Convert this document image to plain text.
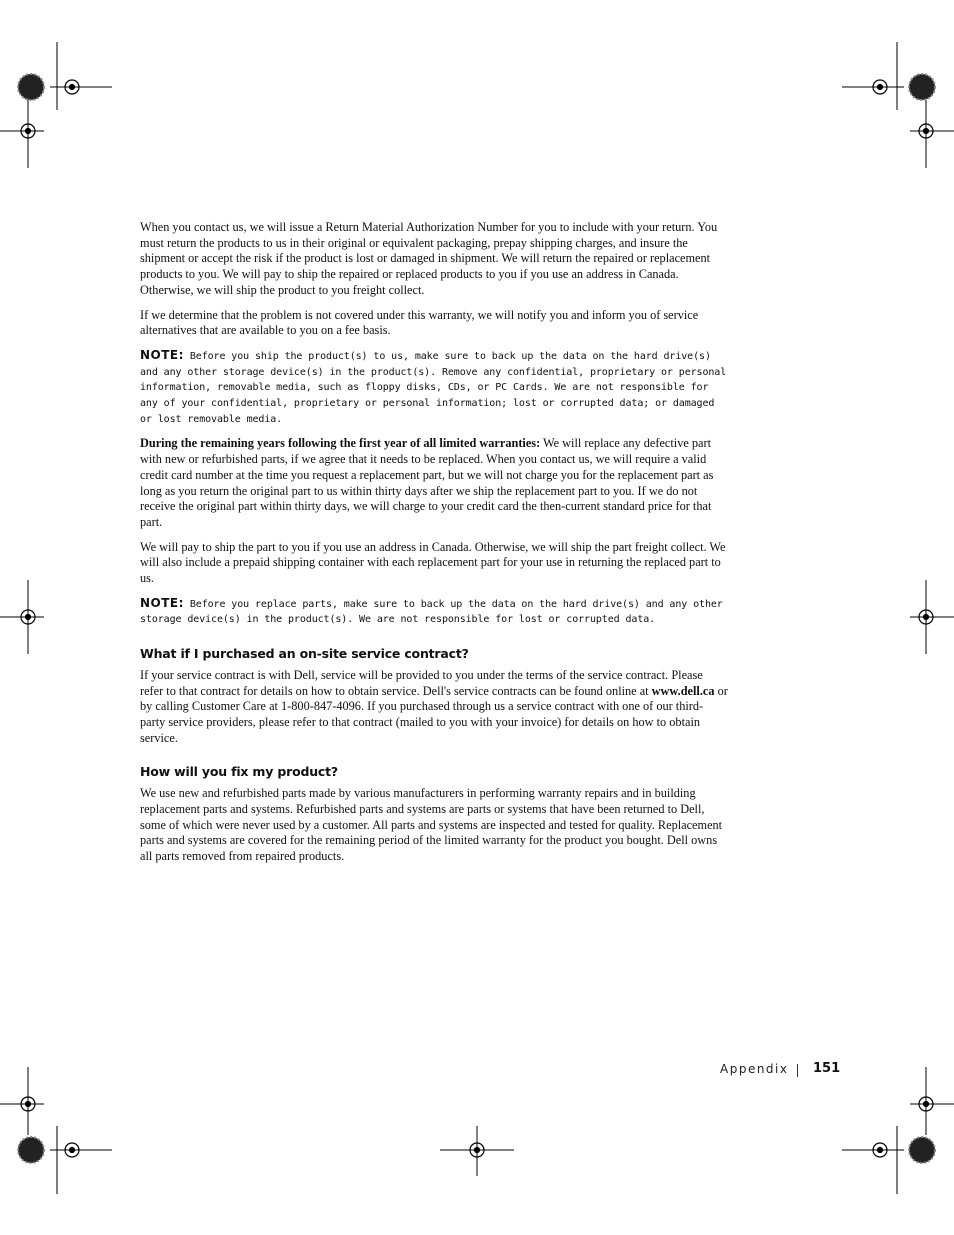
When you contact us, we will issue a Return Material Authorization Number for you to include with your return. You must return the products to us in their original or equivalent packaging, prepay shipping charges, and insure the shipment or accept the risk if the product is lost or damaged in shipment. We will return the repaired or replacement products to you. We will pay to ship the repaired or replaced products to you if you use an address in Canada. Otherwise, we will ship the product to you freight collect.

If we determine that the problem is not covered under this warranty, we will notify you and inform you of service alternatives that are available to you on a fee basis.

NOTE: Before you ship the product(s) to us, make sure to back up the data on the hard drive(s) and any other storage device(s) in the product(s). Remove any confidential, proprietary or personal information, removable media, such as floppy disks, CDs, or PC Cards. We are not responsible for any of your confidential, proprietary or personal information; lost or corrupted data; or damaged or lost removable media.

During the remaining years following the first year of all limited warranties: We will replace any defective part with new or refurbished parts, if we agree that it needs to be replaced. When you contact us, we will require a valid credit card number at the time you request a replacement part, but we will not charge you for the replacement part as long as you return the original part to us within thirty days after we ship the replacement part to you. If we do not receive the original part within thirty days, we will charge to your credit card the then-current standard price for that part.

We will pay to ship the part to you if you use an address in Canada. Otherwise, we will ship the part freight collect. We will also include a prepaid shipping container with each replacement part for your use in returning the replaced part to us.

NOTE: Before you replace parts, make sure to back up the data on the hard drive(s) and any other storage device(s) in the product(s). We are not responsible for lost or corrupted data.
What if I purchased an on-site service contract?

If your service contract is with Dell, service will be provided to you under the terms of the service contract. Please refer to that contract for details on how to obtain service. Dell's service contracts can be found online at www.dell.ca or by calling Customer Care at 1-800-847-4096. If you purchased through us a service contract with one of our third-party service providers, please refer to that contract (mailed to you with your invoice) for details on how to obtain service.

How will you fix my product?

We use new and refurbished parts made by various manufacturers in performing warranty repairs and in building replacement parts and systems. Refurbished parts and systems are parts or systems that have been returned to Dell, some of which were never used by a customer. All parts and systems are inspected and tested for quality. Replacement parts and systems are covered for the remaining period of the limited warranty for the product you bought. Dell owns all parts removed from repaired products.

Appendix 151
